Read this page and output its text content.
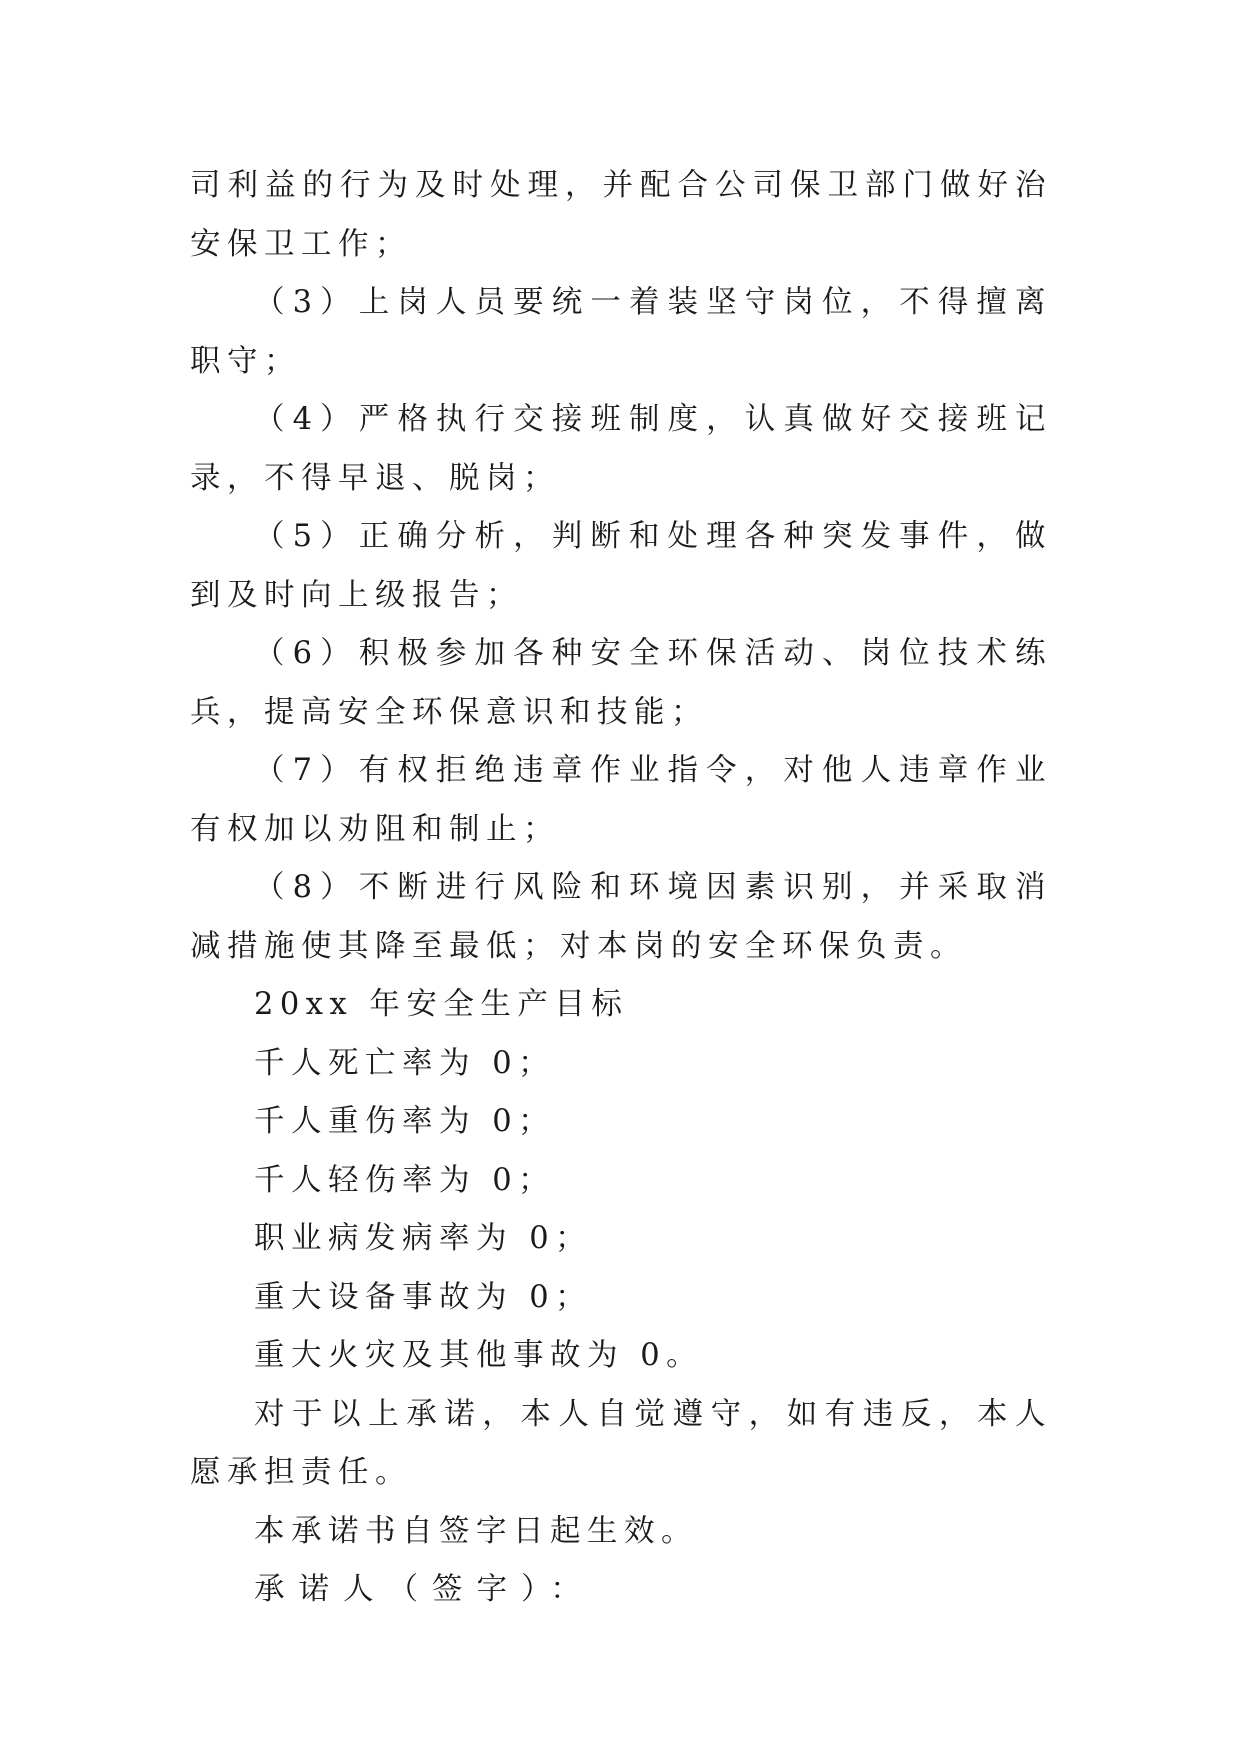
司利益的行为及时处理，并配合公司保卫部门做好治安保卫工作；

（3）上岗人员要统一着装坚守岗位，不得擅离职守；

（4）严格执行交接班制度，认真做好交接班记录，不得早退、脱岗；

（5）正确分析，判断和处理各种突发事件，做到及时向上级报告；

（6）积极参加各种安全环保活动、岗位技术练兵，提高安全环保意识和技能；

（7）有权拒绝违章作业指令，对他人违章作业有权加以劝阻和制止；

（8）不断进行风险和环境因素识别，并采取消减措施使其降至最低；对本岗的安全环保负责。

20xx 年安全生产目标

千人死亡率为 0；

千人重伤率为 0；

千人轻伤率为 0；

职业病发病率为 0；

重大设备事故为 0；

重大火灾及其他事故为 0。

对于以上承诺，本人自觉遵守，如有违反，本人愿承担责任。

本承诺书自签字日起生效。

承诺人（签字）：
